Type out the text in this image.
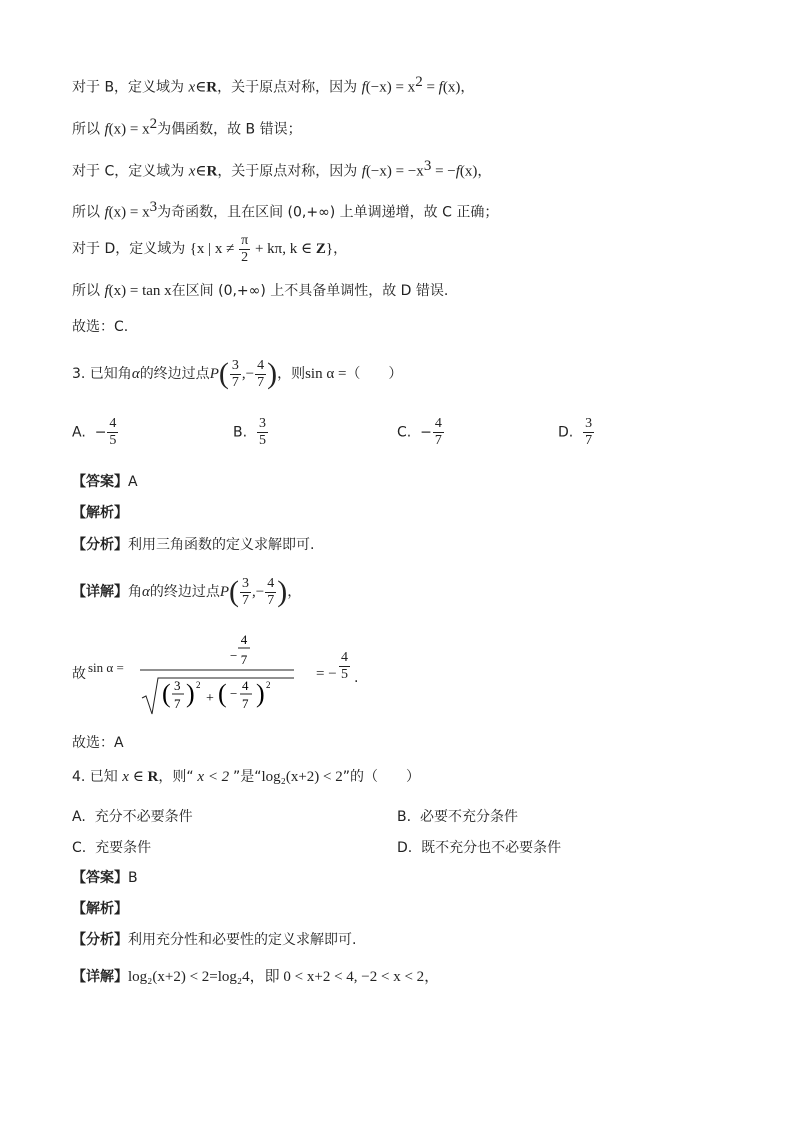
对于 B，定义域为 x∈R，关于原点对称，因为 $f(-x) = x^2 = f(x)$，
所以 $f(x) = x^2$为偶函数，故 B 错误；
对于 C，定义域为 x∈R，关于原点对称，因为 $f(-x) = -x^3 = -f(x)$，
所以 $f(x) = x^3$为奇函数，且在区间 (0,+∞) 上单调递增，故 C 正确；
对于 D，定义域为 {x | $x \ne \frac{\pi}{2} + k\pi$, k ∈ Z}，
所以 f(x) = tan x在区间 (0,+∞) 上不具备单调性，故 D 错误.
故选：C.
3. 已知角α的终边过点$P( \frac{3}{7}$ ,− $\frac{4}{7}$ )，则sin α =（　　）
A. − $\frac{4}{5}$	B. $\frac{3}{5}$	C. − $\frac{4}{7}$	D. $\frac{3}{7}$
【答案】A
【解析】
【分析】利用三角函数的定义求解即可.
【详解】角α的终边过点$P( \frac{3}{7}$ ,− $\frac{4}{7}$ )，
故 sin α =
4
− 7
( 3
7 ) 2
+ ( −
4
7 ) 2
= − $\frac{4}{5}$ .
故选：A
4. 已知 x ∈ R，则“ x < 2 ”是“log₂(x+2) < 2”的（　　）
A. 充分不必要条件	B. 必要不充分条件
C. 充要条件	D. 既不充分也不必要条件
【答案】B
【解析】
【分析】利用充分性和必要性的定义求解即可.
【详解】log₂(x+2) < 2=log₂4，即 0 < x+2 < 4, −2 < x < 2，
